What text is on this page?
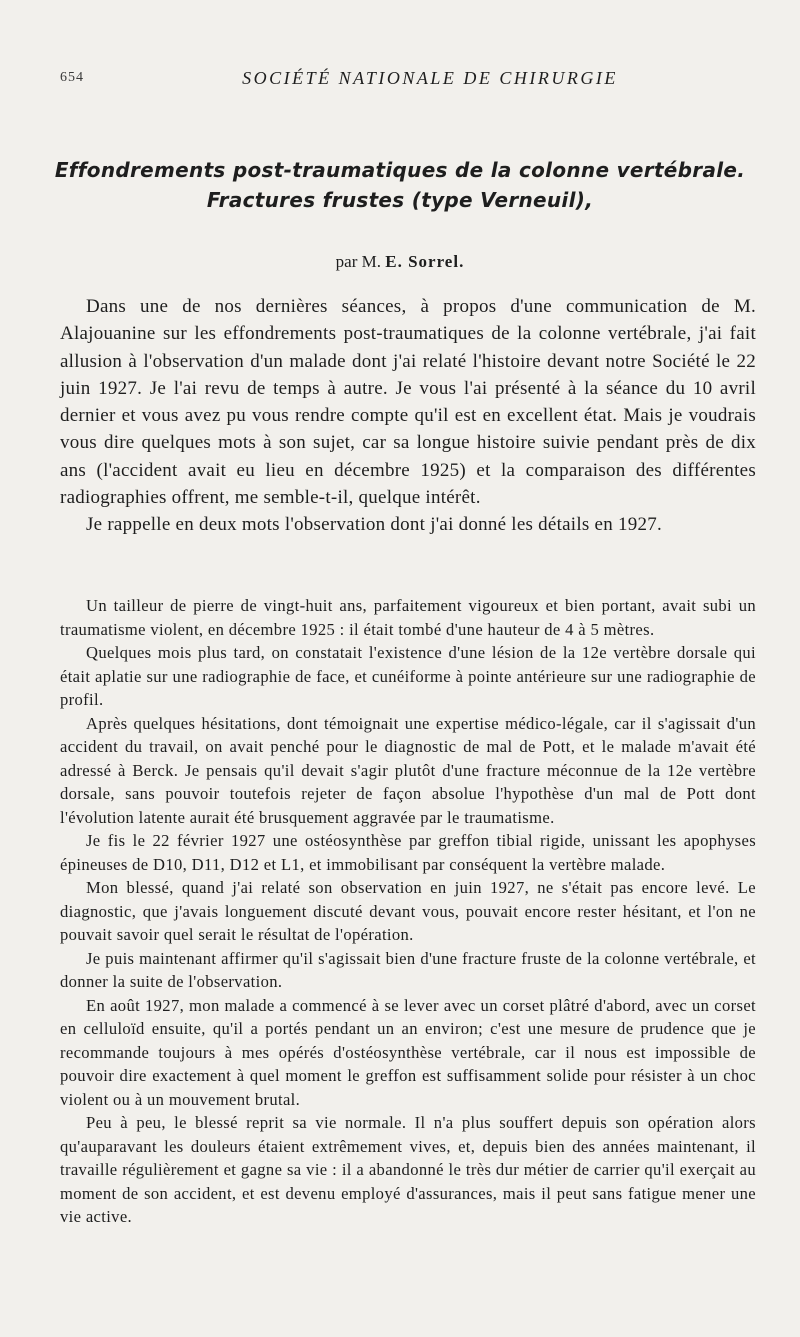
654	SOCIÉTÉ NATIONALE DE CHIRURGIE
Effondrements post-traumatiques de la colonne vertébrale.
Fractures frustes (type Verneuil),
par M. E. Sorrel.

Dans une de nos dernières séances, à propos d'une communication de M. Alajouanine sur les effondrements post-traumatiques de la colonne vertébrale, j'ai fait allusion à l'observation d'un malade dont j'ai relaté l'histoire devant notre Société le 22 juin 1927. Je l'ai revu de temps à autre. Je vous l'ai présenté à la séance du 10 avril dernier et vous avez pu vous rendre compte qu'il est en excellent état. Mais je voudrais vous dire quelques mots à son sujet, car sa longue histoire suivie pendant près de dix ans (l'accident avait eu lieu en décembre 1925) et la comparaison des différentes radiographies offrent, me semble-t-il, quelque intérêt.

Je rappelle en deux mots l'observation dont j'ai donné les détails en 1927.

Un tailleur de pierre de vingt-huit ans, parfaitement vigoureux et bien portant, avait subi un traumatisme violent, en décembre 1925 : il était tombé d'une hauteur de 4 à 5 mètres.

Quelques mois plus tard, on constatait l'existence d'une lésion de la 12e vertèbre dorsale qui était aplatie sur une radiographie de face, et cunéiforme à pointe antérieure sur une radiographie de profil.

Après quelques hésitations, dont témoignait une expertise médico-légale, car il s'agissait d'un accident du travail, on avait penché pour le diagnostic de mal de Pott, et le malade m'avait été adressé à Berck. Je pensais qu'il devait s'agir plutôt d'une fracture méconnue de la 12e vertèbre dorsale, sans pouvoir toutefois rejeter de façon absolue l'hypothèse d'un mal de Pott dont l'évolution latente aurait été brusquement aggravée par le traumatisme.

Je fis le 22 février 1927 une ostéosynthèse par greffon tibial rigide, unissant les apophyses épineuses de D10, D11, D12 et L1, et immobilisant par conséquent la vertèbre malade.

Mon blessé, quand j'ai relaté son observation en juin 1927, ne s'était pas encore levé. Le diagnostic, que j'avais longuement discuté devant vous, pouvait encore rester hésitant, et l'on ne pouvait savoir quel serait le résultat de l'opération.

Je puis maintenant affirmer qu'il s'agissait bien d'une fracture fruste de la colonne vertébrale, et donner la suite de l'observation.

En août 1927, mon malade a commencé à se lever avec un corset plâtré d'abord, avec un corset en celluloïd ensuite, qu'il a portés pendant un an environ; c'est une mesure de prudence que je recommande toujours à mes opérés d'ostéosynthèse vertébrale, car il nous est impossible de pouvoir dire exactement à quel moment le greffon est suffisamment solide pour résister à un choc violent ou à un mouvement brutal.

Peu à peu, le blessé reprit sa vie normale. Il n'a plus souffert depuis son opération alors qu'auparavant les douleurs étaient extrêmement vives, et, depuis bien des années maintenant, il travaille régulièrement et gagne sa vie : il a abandonné le très dur métier de carrier qu'il exerçait au moment de son accident, et est devenu employé d'assurances, mais il peut sans fatigue mener une vie active.
